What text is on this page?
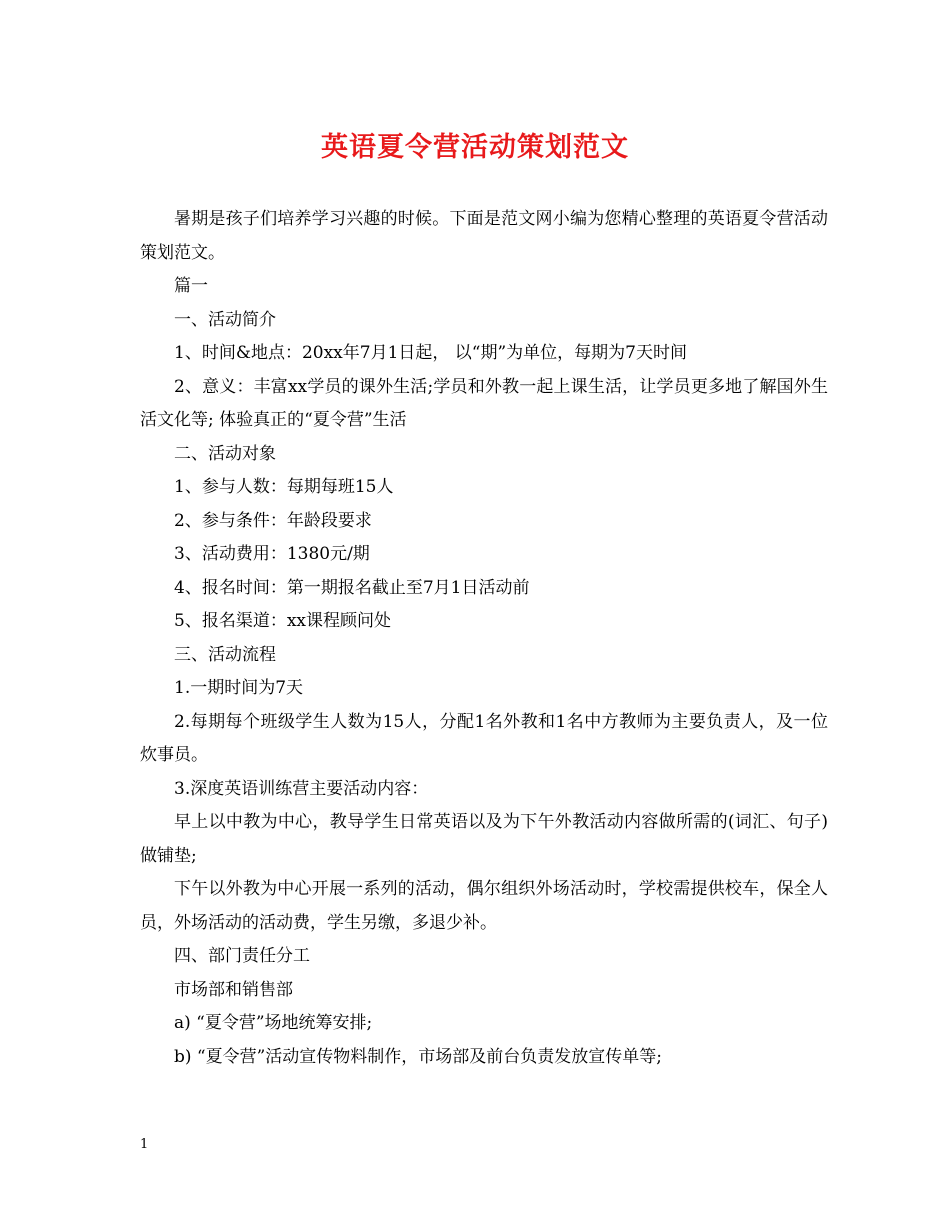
英语夏令营活动策划范文

暑期是孩子们培养学习兴趣的时候。下面是范文网小编为您精心整理的英语夏令营活动策划范文。

篇一

一、活动简介

1、时间&地点：20xx年7月1日起， 以“期”为单位，每期为7天时间

2、意义：丰富xx学员的课外生活;学员和外教一起上课生活，让学员更多地了解国外生活文化等; 体验真正的“夏令营”生活

二、活动对象

1、参与人数：每期每班15人

2、参与条件：年龄段要求

3、活动费用：1380元/期

4、报名时间：第一期报名截止至7月1日活动前

5、报名渠道：xx课程顾问处

三、活动流程

1.一期时间为7天

2.每期每个班级学生人数为15人，分配1名外教和1名中方教师为主要负责人，及一位炊事员。

3.深度英语训练营主要活动内容：

早上以中教为中心，教导学生日常英语以及为下午外教活动内容做所需的(词汇、句子)做铺垫;

下午以外教为中心开展一系列的活动，偶尔组织外场活动时，学校需提供校车，保全人员，外场活动的活动费，学生另缴，多退少补。

四、部门责任分工

市场部和销售部

a) “夏令营”场地统筹安排;

b) “夏令营”活动宣传物料制作，市场部及前台负责发放宣传单等;

1
